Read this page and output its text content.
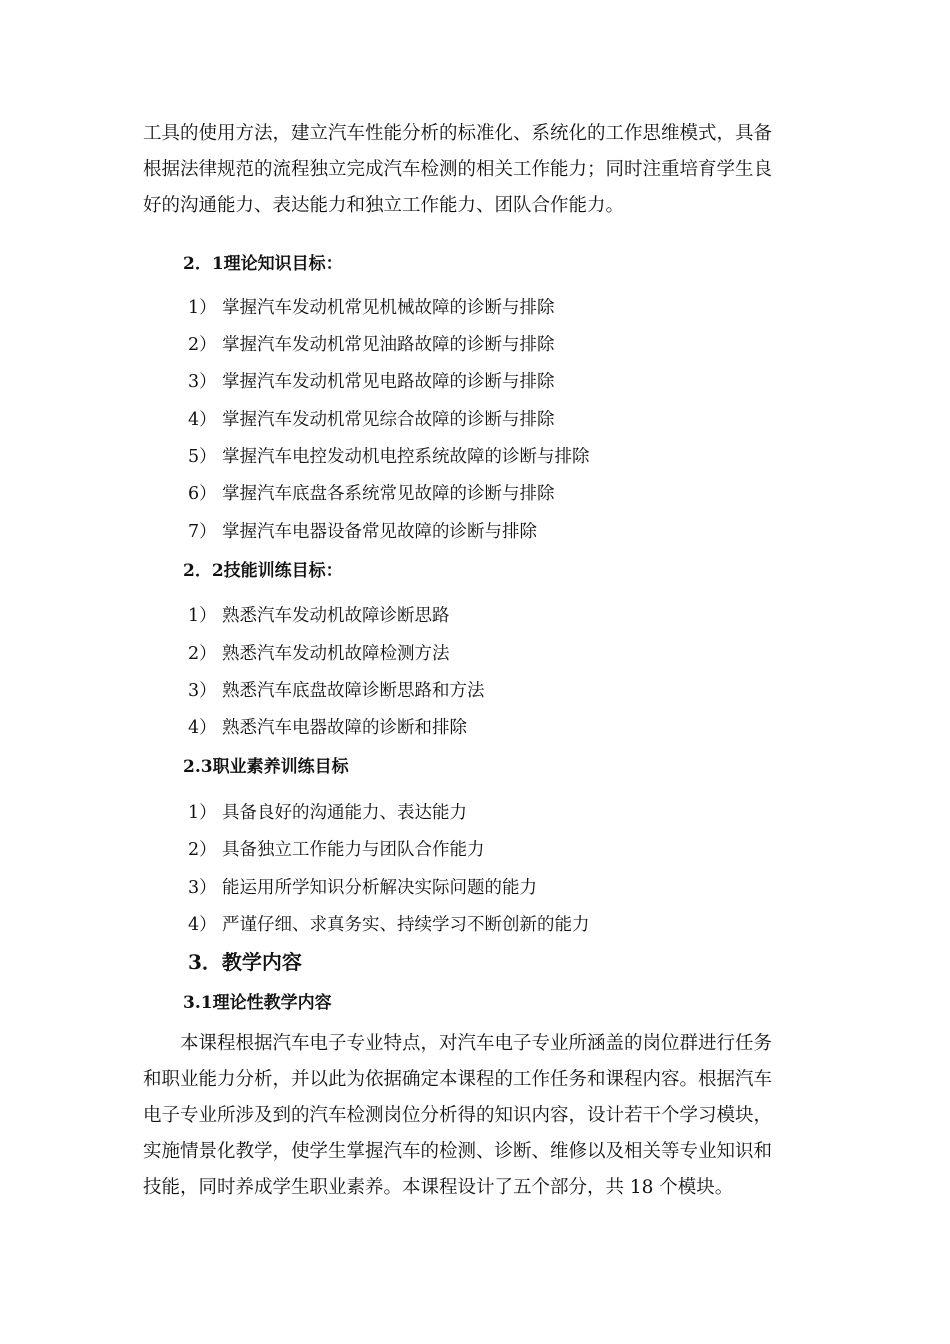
工具的使用方法，建立汽车性能分析的标准化、系统化的工作思维模式，具备
根据法律规范的流程独立完成汽车检测的相关工作能力；同时注重培育学生良
好的沟通能力、表达能力和独立工作能力、团队合作能力。

2．1理论知识目标：

1） 掌握汽车发动机常见机械故障的诊断与排除

2） 掌握汽车发动机常见油路故障的诊断与排除

3） 掌握汽车发动机常见电路故障的诊断与排除

4） 掌握汽车发动机常见综合故障的诊断与排除

5） 掌握汽车电控发动机电控系统故障的诊断与排除

6） 掌握汽车底盘各系统常见故障的诊断与排除

7） 掌握汽车电器设备常见故障的诊断与排除

2．2技能训练目标：

1） 熟悉汽车发动机故障诊断思路

2） 熟悉汽车发动机故障检测方法

3） 熟悉汽车底盘故障诊断思路和方法

4） 熟悉汽车电器故障的诊断和排除

2.3职业素养训练目标

1） 具备良好的沟通能力、表达能力

2） 具备独立工作能力与团队合作能力

3） 能运用所学知识分析解决实际问题的能力

4） 严谨仔细、求真务实、持续学习不断创新的能力

3．教学内容

3.1理论性教学内容

本课程根据汽车电子专业特点，对汽车电子专业所涵盖的岗位群进行任务
和职业能力分析，并以此为依据确定本课程的工作任务和课程内容。根据汽车
电子专业所涉及到的汽车检测岗位分析得的知识内容，设计若干个学习模块，
实施情景化教学，使学生掌握汽车的检测、诊断、维修以及相关等专业知识和
技能，同时养成学生职业素养。本课程设计了五个部分，共 18 个模块。
